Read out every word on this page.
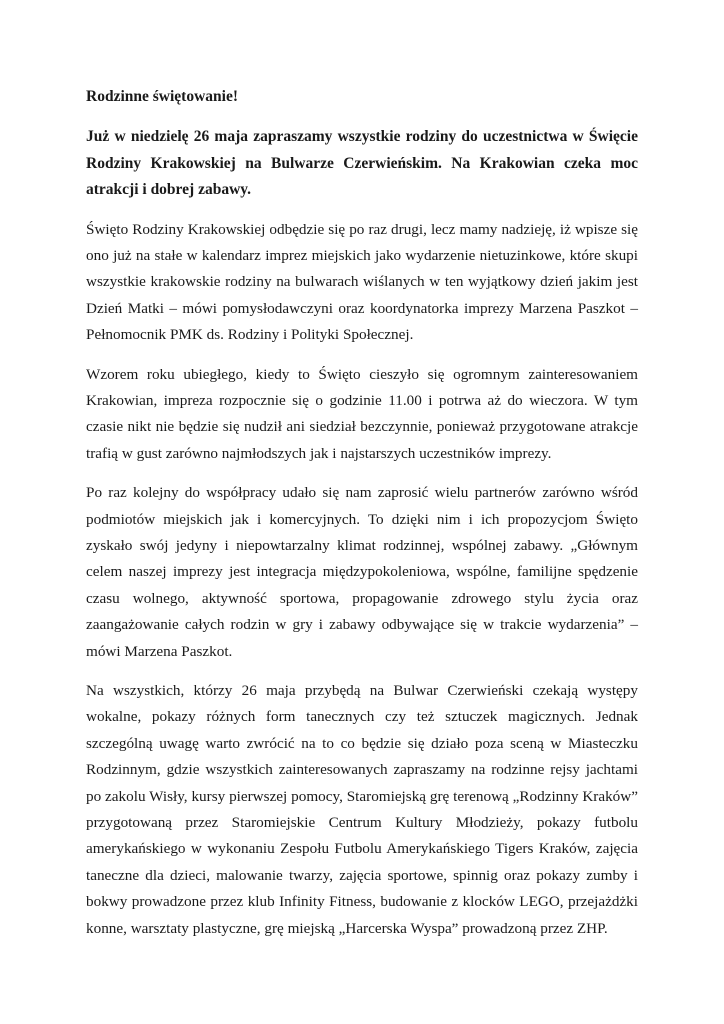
Rodzinne świętowanie!

Już w niedzielę 26 maja zapraszamy wszystkie rodziny do uczestnictwa w Święcie Rodziny Krakowskiej na Bulwarze Czerwieńskim. Na Krakowian czeka moc atrakcji i dobrej zabawy.

Święto Rodziny Krakowskiej odbędzie się po raz drugi, lecz mamy nadzieję, iż wpisze się ono już na stałe w kalendarz imprez miejskich jako wydarzenie nietuzinkowe, które skupi wszystkie krakowskie rodziny na bulwarach wiślanych w ten wyjątkowy dzień jakim jest Dzień Matki – mówi pomysłodawczyni oraz koordynatorka imprezy Marzena Paszkot – Pełnomocnik PMK ds. Rodziny i Polityki Społecznej.

Wzorem roku ubiegłego, kiedy to Święto cieszyło się ogromnym zainteresowaniem Krakowian, impreza rozpocznie się o godzinie 11.00 i potrwa aż do wieczora. W tym czasie nikt nie będzie się nudził ani siedział bezczynnie, ponieważ przygotowane atrakcje trafią w gust zarówno najmłodszych jak i najstarszych uczestników imprezy.

Po raz kolejny do współpracy udało się nam zaprosić wielu partnerów zarówno wśród podmiotów miejskich jak i komercyjnych. To dzięki nim i ich propozycjom Święto zyskało swój jedyny i niepowtarzalny klimat rodzinnej, wspólnej zabawy. „Głównym celem naszej imprezy jest integracja międzypokoleniowa, wspólne, familijne spędzenie czasu wolnego, aktywność sportowa, propagowanie zdrowego stylu życia oraz zaangażowanie całych rodzin w gry i zabawy odbywające się w trakcie wydarzenia” – mówi Marzena Paszkot.

Na wszystkich, którzy 26 maja przybędą na Bulwar Czerwieński czekają występy wokalne, pokazy różnych form tanecznych czy też sztuczek magicznych. Jednak szczególną uwagę warto zwrócić na to co będzie się działo poza sceną w Miasteczku Rodzinnym, gdzie wszystkich zainteresowanych zapraszamy na rodzinne rejsy jachtami po zakolu Wisły, kursy pierwszej pomocy, Staromiejską grę terenową „Rodzinny Kraków” przygotowaną przez Staromiejskie Centrum Kultury Młodzieży, pokazy futbolu amerykańskiego w wykonaniu Zespołu Futbolu Amerykańskiego Tigers Kraków, zajęcia taneczne dla dzieci, malowanie twarzy, zajęcia sportowe, spinnig oraz pokazy zumby i bokwy prowadzone przez klub Infinity Fitness, budowanie z klocków LEGO, przejażdżki konne, warsztaty plastyczne, grę miejską „Harcerska Wyspa” prowadzoną przez ZHP.
